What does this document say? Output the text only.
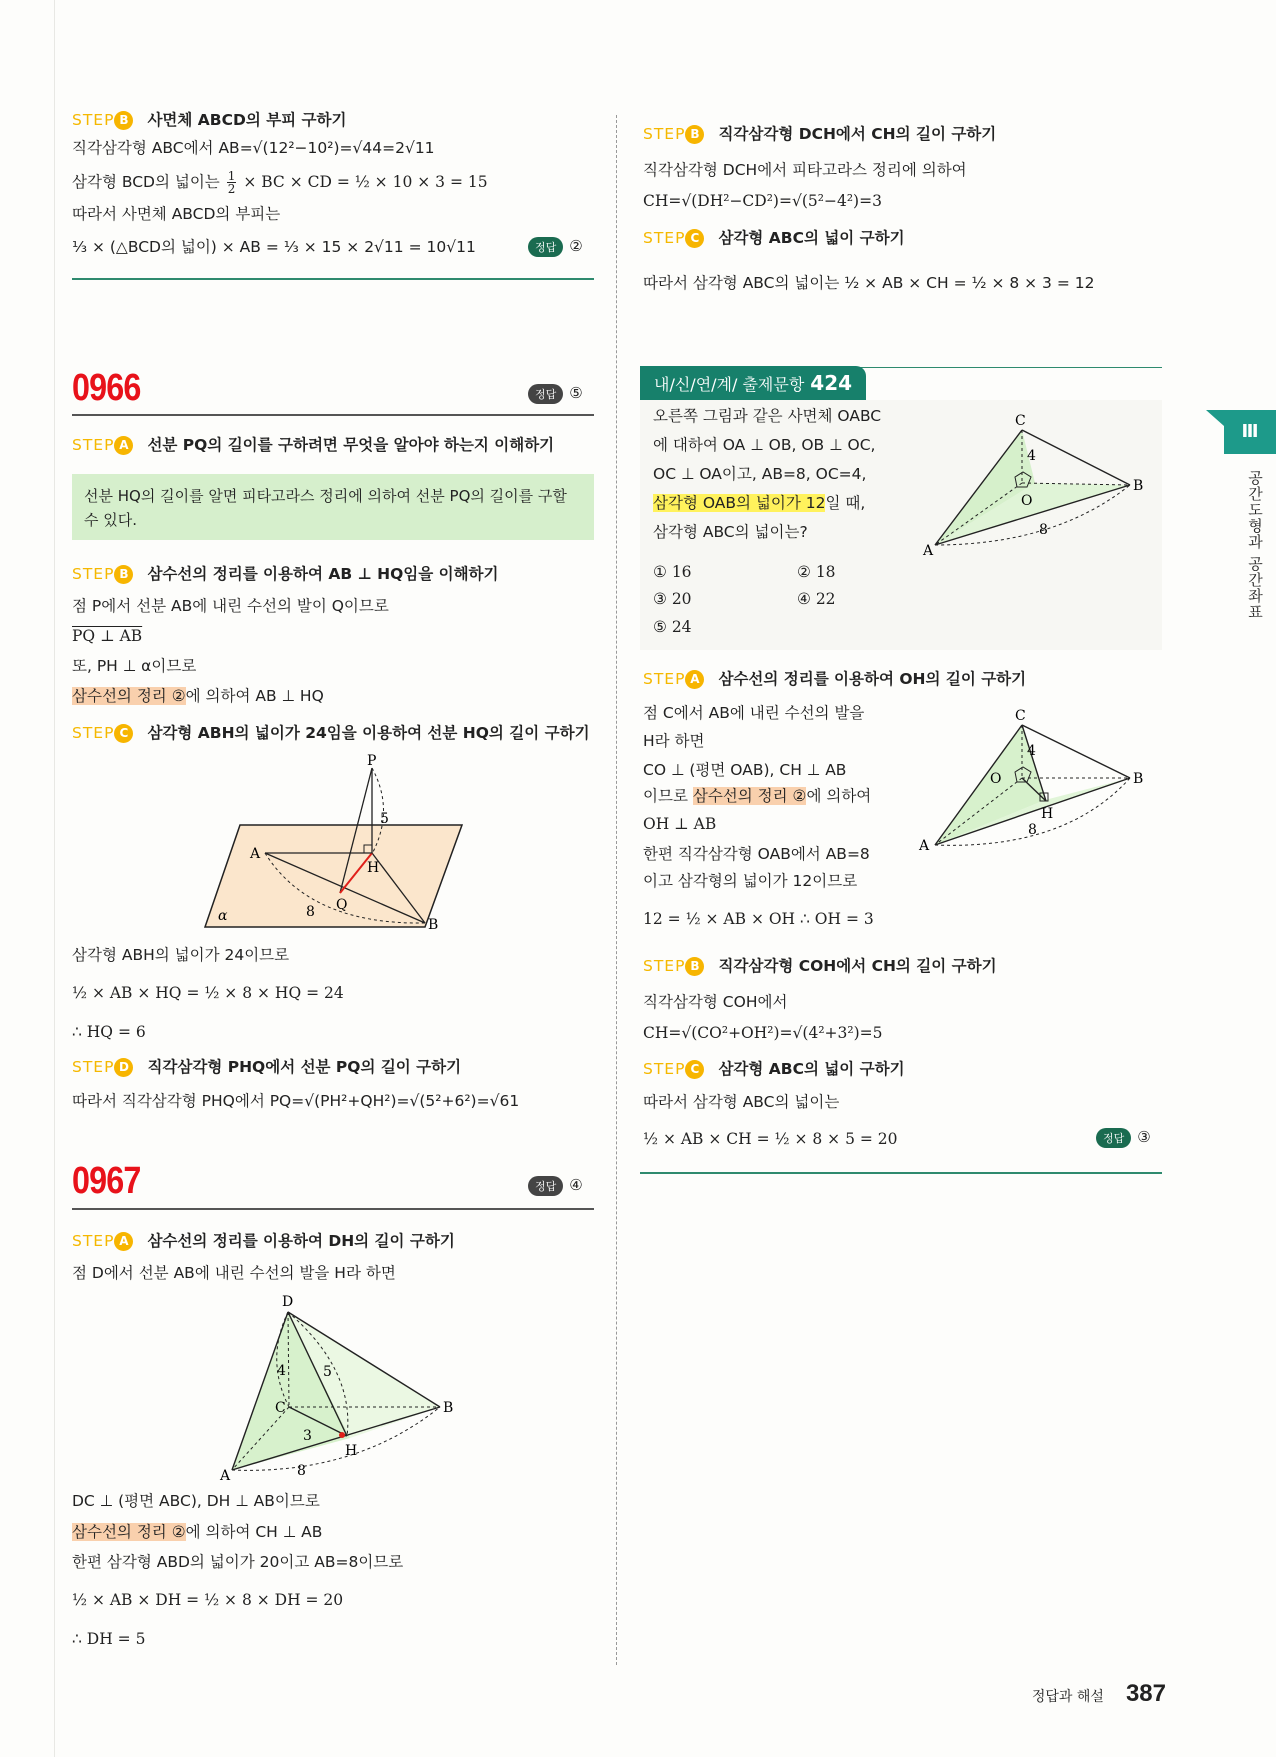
STEP B 사면체 ABCD의 부피 구하기
직각삼각형 ABC에서 AB=√(12²−10²)=√44=2√11
삼각형 BCD의 넓이는 $\frac{1}{2}$ × BC × CD = ½ × 10 × 3 = 15
따라서 사면체 ABCD의 부피는
⅓ × (△BCD의 넓이) × AB = ⅓ × 15 × 2√11 = 10√11	정답 ②
0966	정답 ⑤
STEP A 선분 PQ의 길이를 구하려면 무엇을 알아야 하는지 이해하기
선분 HQ의 길이를 알면 피타고라스 정리에 의하여 선분 PQ의 길이를 구할 수 있다.
STEP B 삼수선의 정리를 이용하여 AB ⊥ HQ임을 이해하기
점 P에서 선분 AB에 내린 수선의 발이 Q이므로
PQ ⊥ AB
또, PH ⊥ α이므로
삼수선의 정리 ②에 의하여 AB ⊥ HQ
STEP C 삼각형 ABH의 넓이가 24임을 이용하여 선분 HQ의 길이 구하기
P
5
A
H
Q
8
B
α
삼각형 ABH의 넓이가 24이므로
½ × AB × HQ = ½ × 8 × HQ = 24
∴ HQ = 6
STEP D 직각삼각형 PHQ에서 선분 PQ의 길이 구하기
따라서 직각삼각형 PHQ에서 PQ=√(PH²+QH²)=√(5²+6²)=√61
0967	정답 ④
STEP A 삼수선의 정리를 이용하여 DH의 길이 구하기
점 D에서 선분 AB에 내린 수선의 발을 H라 하면
D
4	5
C	B
3
H
A	8
DC ⊥ (평면 ABC), DH ⊥ AB이므로
삼수선의 정리 ②에 의하여 CH ⊥ AB
한편 삼각형 ABD의 넓이가 20이고 AB=8이므로
½ × AB × DH = ½ × 8 × DH = 20
∴ DH = 5
STEP B 직각삼각형 DCH에서 CH의 길이 구하기
직각삼각형 DCH에서 피타고라스 정리에 의하여
CH=√(DH²−CD²)=√(5²−4²)=3
STEP C 삼각형 ABC의 넓이 구하기
따라서 삼각형 ABC의 넓이는 ½ × AB × CH = ½ × 8 × 3 = 12
내/신/연/계/ 출제문항 424
오른쪽 그림과 같은 사면체 OABC
에 대하여 OA ⊥ OB, OB ⊥ OC,
OC ⊥ OA이고, AB=8, OC=4,
삼각형 OAB의 넓이가 12일 때,
삼각형 ABC의 넓이는?
① 16	② 18
③ 20	④ 22
⑤ 24
C
4
O
B
A
8
STEP A 삼수선의 정리를 이용하여 OH의 길이 구하기
점 C에서 AB에 내린 수선의 발을
H라 하면
CO ⊥ (평면 OAB), CH ⊥ AB
이므로 삼수선의 정리 ②에 의하여
OH ⊥ AB
한편 직각삼각형 OAB에서 AB=8
이고 삼각형의 넓이가 12이므로
12 = ½ × AB × OH ∴ OH = 3
C
4
O	B
H
8
A
STEP B 직각삼각형 COH에서 CH의 길이 구하기
직각삼각형 COH에서
CH=√(CO²+OH²)=√(4²+3²)=5
STEP C 삼각형 ABC의 넓이 구하기
따라서 삼각형 ABC의 넓이는
½ × AB × CH = ½ × 8 × 5 = 20	정답 ③
Ⅲ
공간도형과 공간좌표
정답과 해설 387
